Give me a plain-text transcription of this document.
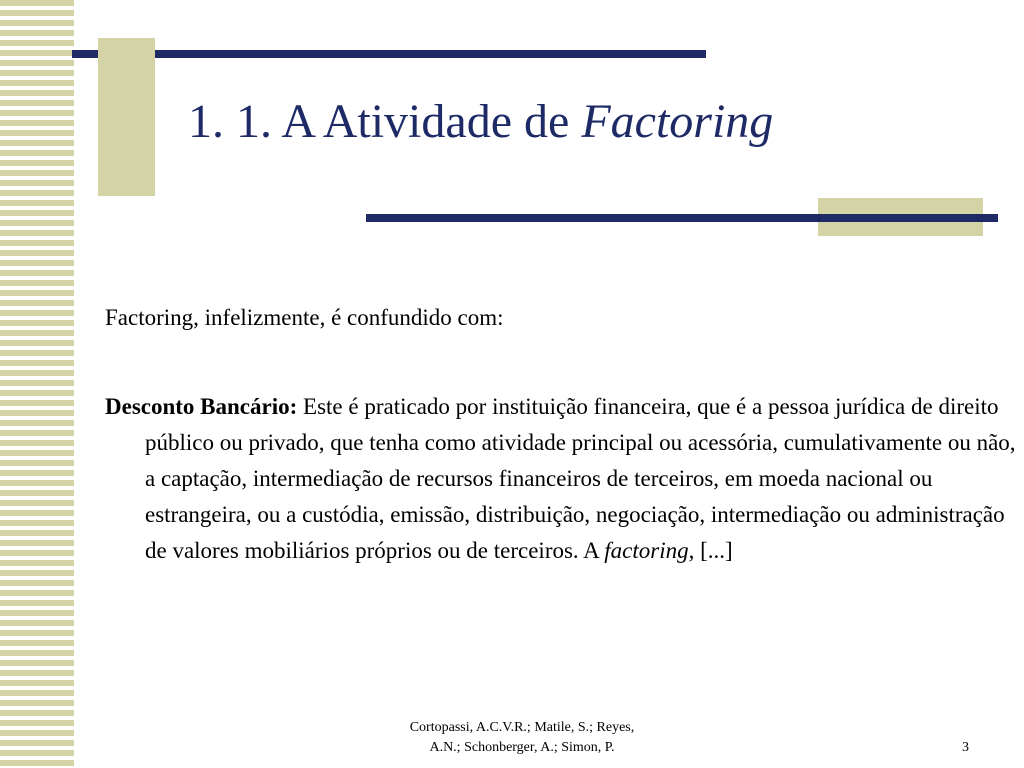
1. 1. A Atividade de Factoring

Factoring, infelizmente, é confundido com:

Desconto Bancário: Este é praticado por instituição financeira, que é a pessoa jurídica de direito público ou privado, que tenha como atividade principal ou acessória, cumulativamente ou não, a captação, intermediação de recursos financeiros de terceiros, em moeda nacional ou estrangeira, ou a custódia, emissão, distribuição, negociação, intermediação ou administração de valores mobiliários próprios ou de terceiros. A factoring, [...]

Cortopassi, A.C.V.R.; Matile, S.; Reyes,
A.N.; Schonberger, A.; Simon, P.	3
